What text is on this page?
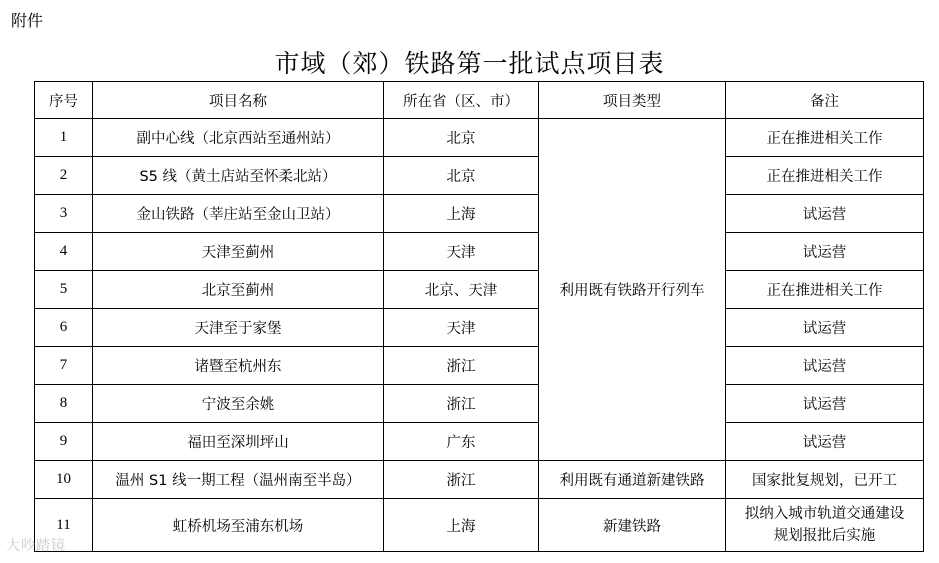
附件
市域（郊）铁路第一批试点项目表
序号	项目名称	所在省（区、市）	项目类型	备注
1	副中心线（北京西站至通州站）	北京	利用既有铁路开行列车	正在推进相关工作
2	S5 线（黄土店站至怀柔北站）	北京		正在推进相关工作
3	金山铁路（莘庄站至金山卫站）	上海		试运营
4	天津至蓟州	天津		试运营
5	北京至蓟州	北京、天津		正在推进相关工作
6	天津至于家堡	天津		试运营
7	诸暨至杭州东	浙江		试运营
8	宁波至余姚	浙江		试运营
9	福田至深圳坪山	广东		试运营
10	温州 S1 线一期工程（温州南至半岛）	浙江	利用既有通道新建铁路	国家批复规划，已开工
11	虹桥机场至浦东机场	上海	新建铁路	拟纳入城市轨道交通建设
规划报批后实施
大吵踏镜
